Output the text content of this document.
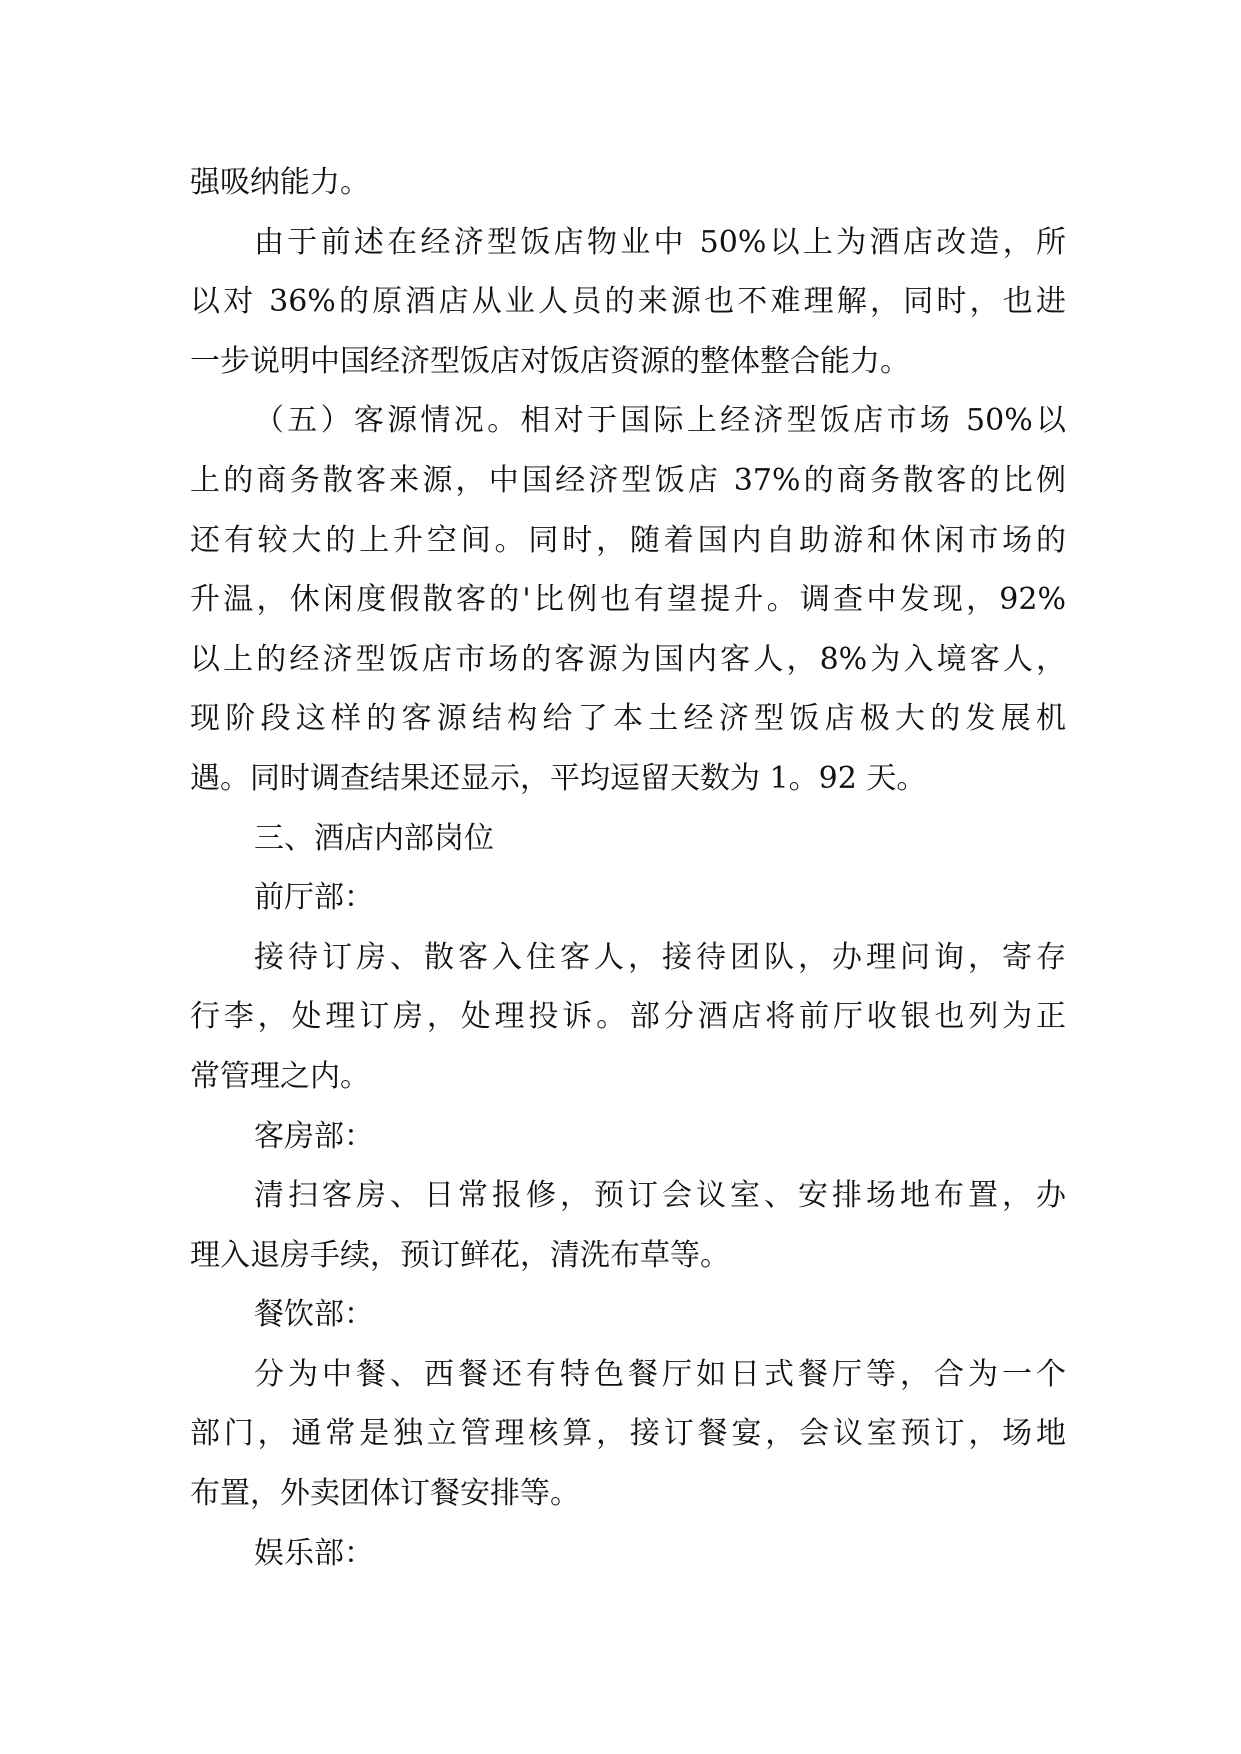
强吸纳能力。
由于前述在经济型饭店物业中 50%以上为酒店改造，所
以对 36%的原酒店从业人员的来源也不难理解，同时，也进
一步说明中国经济型饭店对饭店资源的整体整合能力。
（五）客源情况。相对于国际上经济型饭店市场 50%以
上的商务散客来源，中国经济型饭店 37%的商务散客的比例
还有较大的上升空间。同时，随着国内自助游和休闲市场的
升温，休闲度假散客的'比例也有望提升。调查中发现，92%
以上的经济型饭店市场的客源为国内客人，8%为入境客人，
现阶段这样的客源结构给了本土经济型饭店极大的发展机
遇。同时调查结果还显示，平均逗留天数为 1。92 天。
三、酒店内部岗位
前厅部：
接待订房、散客入住客人，接待团队，办理问询，寄存
行李，处理订房，处理投诉。部分酒店将前厅收银也列为正
常管理之内。
客房部：
清扫客房、日常报修，预订会议室、安排场地布置，办
理入退房手续，预订鲜花，清洗布草等。
餐饮部：
分为中餐、西餐还有特色餐厅如日式餐厅等，合为一个
部门，通常是独立管理核算，接订餐宴，会议室预订，场地
布置，外卖团体订餐安排等。
娱乐部：
